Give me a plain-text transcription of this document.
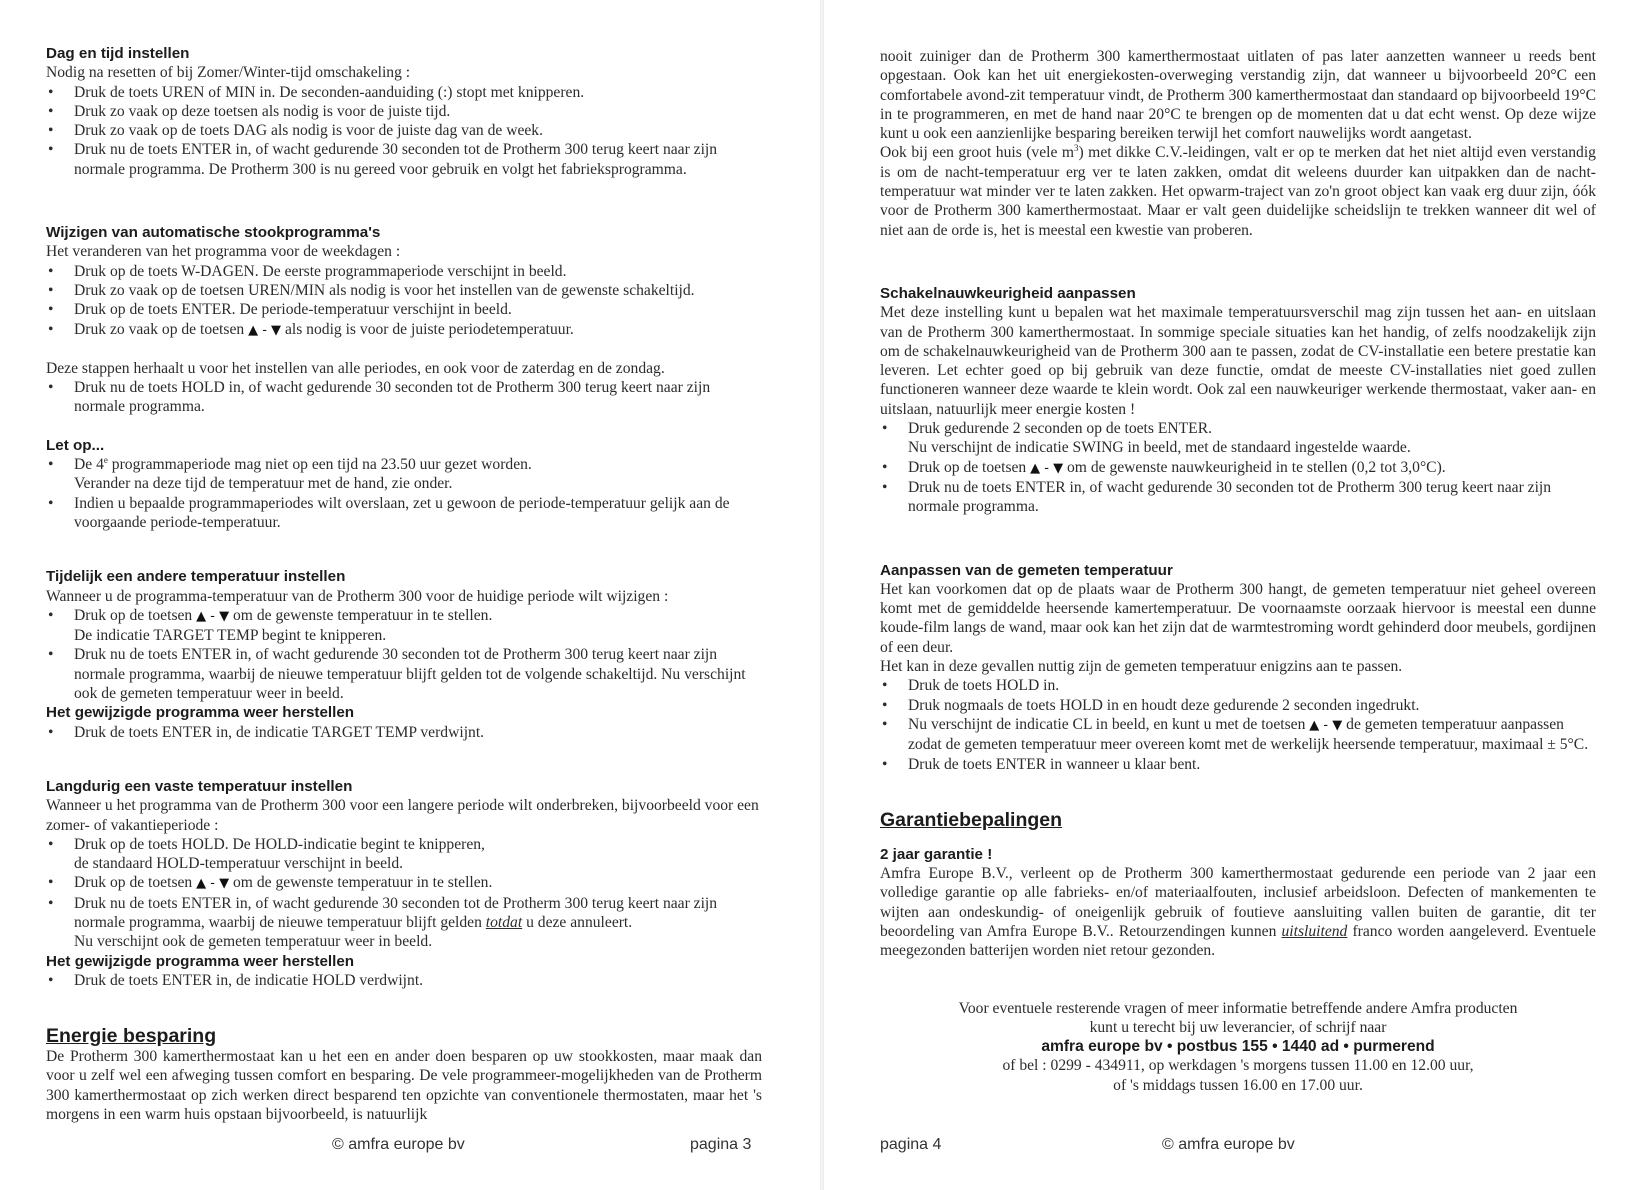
Dag en tijd instellen

Nodig na resetten of bij Zomer/Winter-tijd omschakeling :

• Druk de toets UREN of MIN in. De seconden-aanduiding (:) stopt met knipperen.
• Druk zo vaak op deze toetsen als nodig is voor de juiste tijd.
• Druk zo vaak op de toets DAG als nodig is voor de juiste dag van de week.
• Druk nu de toets ENTER in, of wacht gedurende 30 seconden tot de Protherm 300 terug keert naar zijn normale programma. De Protherm 300 is nu gereed voor gebruik en volgt het fabrieksprogramma.
Wijzigen van automatische stookprogramma's

Het veranderen van het programma voor de weekdagen :

• Druk op de toets W-DAGEN. De eerste programmaperiode verschijnt in beeld.
• Druk zo vaak op de toetsen UREN/MIN als nodig is voor het instellen van de gewenste schakeltijd.
• Druk op de toets ENTER. De periode-temperatuur verschijnt in beeld.
• Druk zo vaak op de toetsen ▲ - ▼ als nodig is voor de juiste periodetemperatuur.

Deze stappen herhaalt u voor het instellen van alle periodes, en ook voor de zaterdag en de zondag.

• Druk nu de toets HOLD in, of wacht gedurende 30 seconden tot de Protherm 300 terug keert naar zijn normale programma.
Let op...
• De 4e programmaperiode mag niet op een tijd na 23.50 uur gezet worden.
Verander na deze tijd de temperatuur met de hand, zie onder.
• Indien u bepaalde programmaperiodes wilt overslaan, zet u gewoon de periode-temperatuur gelijk aan de voorgaande periode-temperatuur.
Tijdelijk een andere temperatuur instellen

Wanneer u de programma-temperatuur van de Protherm 300 voor de huidige periode wilt wijzigen :

• Druk op de toetsen ▲ - ▼ om de gewenste temperatuur in te stellen.
De indicatie TARGET TEMP begint te knipperen.
• Druk nu de toets ENTER in, of wacht gedurende 30 seconden tot de Protherm 300 terug keert naar zijn normale programma, waarbij de nieuwe temperatuur blijft gelden tot de volgende schakeltijd. Nu verschijnt ook de gemeten temperatuur weer in beeld.
Het gewijzigde programma weer herstellen
• Druk de toets ENTER in, de indicatie TARGET TEMP verdwijnt.
Langdurig een vaste temperatuur instellen

Wanneer u het programma van de Protherm 300 voor een langere periode wilt onderbreken, bijvoorbeeld voor een zomer- of vakantieperiode :

• Druk op de toets HOLD. De HOLD-indicatie begint te knipperen,
de standaard HOLD-temperatuur verschijnt in beeld.
• Druk op de toetsen ▲ - ▼ om de gewenste temperatuur in te stellen.
• Druk nu de toets ENTER in, of wacht gedurende 30 seconden tot de Protherm 300 terug keert naar zijn normale programma, waarbij de nieuwe temperatuur blijft gelden totdat u deze annuleert.
Nu verschijnt ook de gemeten temperatuur weer in beeld.
Het gewijzigde programma weer herstellen
• Druk de toets ENTER in, de indicatie HOLD verdwijnt.
Energie besparing

De Protherm 300 kamerthermostaat kan u het een en ander doen besparen op uw stookkosten, maar maak dan voor u zelf wel een afweging tussen comfort en besparing. De vele programmeer-mogelijkheden van de Protherm 300 kamerthermostaat op zich werken direct besparend ten opzichte van conventionele thermostaten, maar het 's morgens in een warm huis opstaan bijvoorbeeld, is natuurlijk

© amfra europe bv	pagina 3

nooit zuiniger dan de Protherm 300 kamerthermostaat uitlaten of pas later aanzetten wanneer u reeds bent opgestaan. Ook kan het uit energiekosten-overweging verstandig zijn, dat wanneer u bijvoorbeeld 20°C een comfortabele avond-zit temperatuur vindt, de Protherm 300 kamerthermostaat dan standaard op bijvoorbeeld 19°C in te programmeren, en met de hand naar 20°C te brengen op de momenten dat u dat echt wenst. Op deze wijze kunt u ook een aanzienlijke besparing bereiken terwijl het comfort nauwelijks wordt aangetast.

Ook bij een groot huis (vele $m^3$) met dikke C.V.-leidingen, valt er op te merken dat het niet altijd even verstandig is om de nacht-temperatuur erg ver te laten zakken, omdat dit weleens duurder kan uitpakken dan de nacht-temperatuur wat minder ver te laten zakken. Het opwarm-traject van zo'n groot object kan vaak erg duur zijn, óók voor de Protherm 300 kamerthermostaat. Maar er valt geen duidelijke scheidslijn te trekken wanneer dit wel of niet aan de orde is, het is meestal een kwestie van proberen.

Schakelnauwkeurigheid aanpassen

Met deze instelling kunt u bepalen wat het maximale temperatuursverschil mag zijn tussen het aan- en uitslaan van de Protherm 300 kamerthermostaat. In sommige speciale situaties kan het handig, of zelfs noodzakelijk zijn om de schakelnauwkeurigheid van de Protherm 300 aan te passen, zodat de CV-installatie een betere prestatie kan leveren. Let echter goed op bij gebruik van deze functie, omdat de meeste CV-installaties niet goed zullen functioneren wanneer deze waarde te klein wordt. Ook zal een nauwkeuriger werkende thermostaat, vaker aan- en uitslaan, natuurlijk meer energie kosten !

• Druk gedurende 2 seconden op de toets ENTER.
Nu verschijnt de indicatie SWING in beeld, met de standaard ingestelde waarde.
• Druk op de toetsen ▲ - ▼ om de gewenste nauwkeurigheid in te stellen (0,2 tot 3,0°C).
• Druk nu de toets ENTER in, of wacht gedurende 30 seconden tot de Protherm 300 terug keert naar zijn normale programma.
Aanpassen van de gemeten temperatuur

Het kan voorkomen dat op de plaats waar de Protherm 300 hangt, de gemeten temperatuur niet geheel overeen komt met de gemiddelde heersende kamertemperatuur. De voornaamste oorzaak hiervoor is meestal een dunne koude-film langs de wand, maar ook kan het zijn dat de warmtestroming wordt gehinderd door meubels, gordijnen of een deur.

Het kan in deze gevallen nuttig zijn de gemeten temperatuur enigzins aan te passen.

• Druk de toets HOLD in.
• Druk nogmaals de toets HOLD in en houdt deze gedurende 2 seconden ingedrukt.
• Nu verschijnt de indicatie CL in beeld, en kunt u met de toetsen ▲ - ▼ de gemeten temperatuur aanpassen zodat de gemeten temperatuur meer overeen komt met de werkelijk heersende temperatuur, maximaal ± 5°C.
• Druk de toets ENTER in wanneer u klaar bent.
Garantiebepalingen
2 jaar garantie !

Amfra Europe B.V., verleent op de Protherm 300 kamerthermostaat gedurende een periode van 2 jaar een volledige garantie op alle fabrieks- en/of materiaalfouten, inclusief arbeidsloon. Defecten of mankementen te wijten aan ondeskundig- of oneigenlijk gebruik of foutieve aansluiting vallen buiten de garantie, dit ter beoordeling van Amfra Europe B.V.. Retourzendingen kunnen uitsluitend franco worden aangeleverd. Eventuele meegezonden batterijen worden niet retour gezonden.

Voor eventuele resterende vragen of meer informatie betreffende andere Amfra producten
kunt u terecht bij uw leverancier, of schrijf naar
amfra europe bv • postbus 155 • 1440 ad • purmerend
of bel : 0299 - 434911, op werkdagen 's morgens tussen 11.00 en 12.00 uur,
of 's middags tussen 16.00 en 17.00 uur.
pagina 4	© amfra europe bv
